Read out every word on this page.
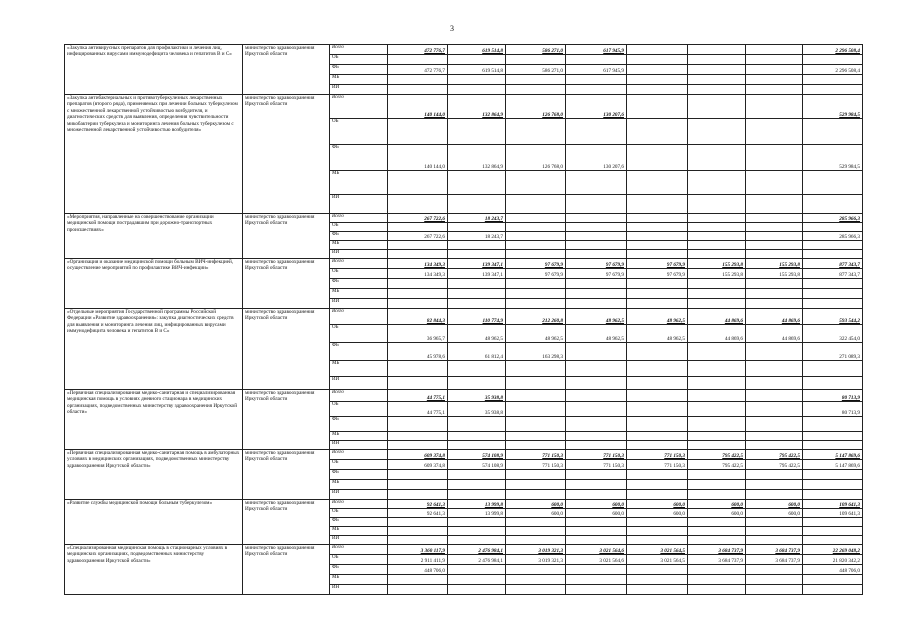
3
«Закупка антивирусных препаратов для профилактики и лечения лиц, инфицированных вирусами иммунодефицита человека и гепатитов В и С»	министерство здравоохранения Иркутской области	Всего	472 776,7	619 514,8	586 271,0	617 945,9				2 296 508,4
		ОБ								
		ФБ	472 776,7	619 514,8	586 271,0	617 945,9				2 296 508,4
		МБ								
		ИИ								
«Закупка антибактериальных и противотуберкулезных лекарственных препаратов (второго ряда), применяемых при лечении больных туберкулезом с множественной лекарственной устойчивостью возбудителя, и диагностических средств для выявления, определения чувствительности микобактерии туберкулеза и мониторинга лечения больных туберкулезом с множественной лекарственной устойчивостью возбудителя»	министерство здравоохранения Иркутской области	Всего	140 144,0	132 864,9	126 768,0	130 207,6				529 984,5
		ОБ								
		ФБ	140 144,0	132 864,9	126 768,0	130 207,6				529 984,5
		МБ								
		ИИ								
«Мероприятия, направленные на совершенствование организации медицинской помощи пострадавшим при дорожно-транспортных происшествиях»	министерство здравоохранения Иркутской области	Всего	267 722,6	18 243,7						285 966,3
		ОБ								
		ФБ	267 722,6	18 243,7						285 966,3
		МБ								
		ИИ								
«Организация и оказание медицинской помощи больным ВИЧ-инфекцией, осуществление мероприятий по профилактике ВИЧ-инфекции»	министерство здравоохранения Иркутской области	Всего	134 349,3	139 347,1	97 679,9	97 679,9	97 679,9	155 293,8	155 293,8	877 343,7
		ОБ	134 349,3	139 347,1	97 679,9	97 679,9	97 679,9	155 293,8	155 293,8	877 343,7
		ФБ								
		МБ								
		ИИ								
«Отдельные мероприятия Государственной программы Российской Федерации «Развитие здравоохранения»: закупка диагностических средств для выявления и мониторинга лечения лиц, инфицированных вирусами иммунодефицита человека и гепатитов В и С»	министерство здравоохранения Иркутской области	Всего	82 844,3	110 774,9	212 260,8	48 962,5	48 962,5	44 869,6	44 869,6	593 544,2
		ОБ	36 965,7	48 962,5	48 962,5	48 962,5	48 962,5	44 869,6	44 869,6	322 454,0
		ФБ	45 978,6	61 812,4	163 298,3					271 089,3
		МБ								
		ИИ								
«Первичная специализированная медико-санитарная и специализированная медицинская помощь в условиях дневного стационара в медицинских организациях, подведомственных министерству здравоохранения Иркутской области»	министерство здравоохранения Иркутской области	Всего	44 775,1	35 938,8						80 713,9
		ОБ	44 775,1	35 938,8						80 713,9
		ФБ								
		МБ								
		ИН								
«Первичная специализированная медико-санитарная помощь в амбулаторных условиях в медицинских организациях, подведомственных министерству здравоохранения Иркутской области»	министерство здравоохранения Иркутской области	Всего	609 374,8	574 108,9	771 150,3	771 150,3	771 150,3	795 422,5	795 422,5	5 147 869,6
		ОБ	609 374,8	574 108,9	771 150,3	771 150,3	771 150,3	795 422,5	795 422,5	5 147 869,6
		ФБ								
		МБ								
		ИИ								
«Развитие службы медицинской помощи больным туберкулезом»	министерство здравоохранения Иркутской области	Всего	92 641,3	13 999,8	600,0	600,0	600,0	600,0	600,0	109 641,3
		ОБ	92 641,3	13 999,8	600,0	600,0	600,0	600,0	600,0	109 641,3
		ФБ								
		МБ								
		ИИ								
«Специализированная медицинская помощь в стационарных условиях в медицинских организациях, подведомственных министерству здравоохранения Иркутской области»	министерство здравоохранения Иркутской области	Всего	3 360 117,9	2 476 984,1	3 019 321,3	3 021 564,6	3 021 564,5	3 684 737,9	3 684 737,9	22 269 048,2
		ОБ	2 911 411,9	2 476 984,1	3 019 321,3	3 021 564,6	3 021 564,5	3 684 737,9	3 684 737,9	21 820 342,2
		ФБ	448 706,0							448 706,0
		МБ								
		ИН								
